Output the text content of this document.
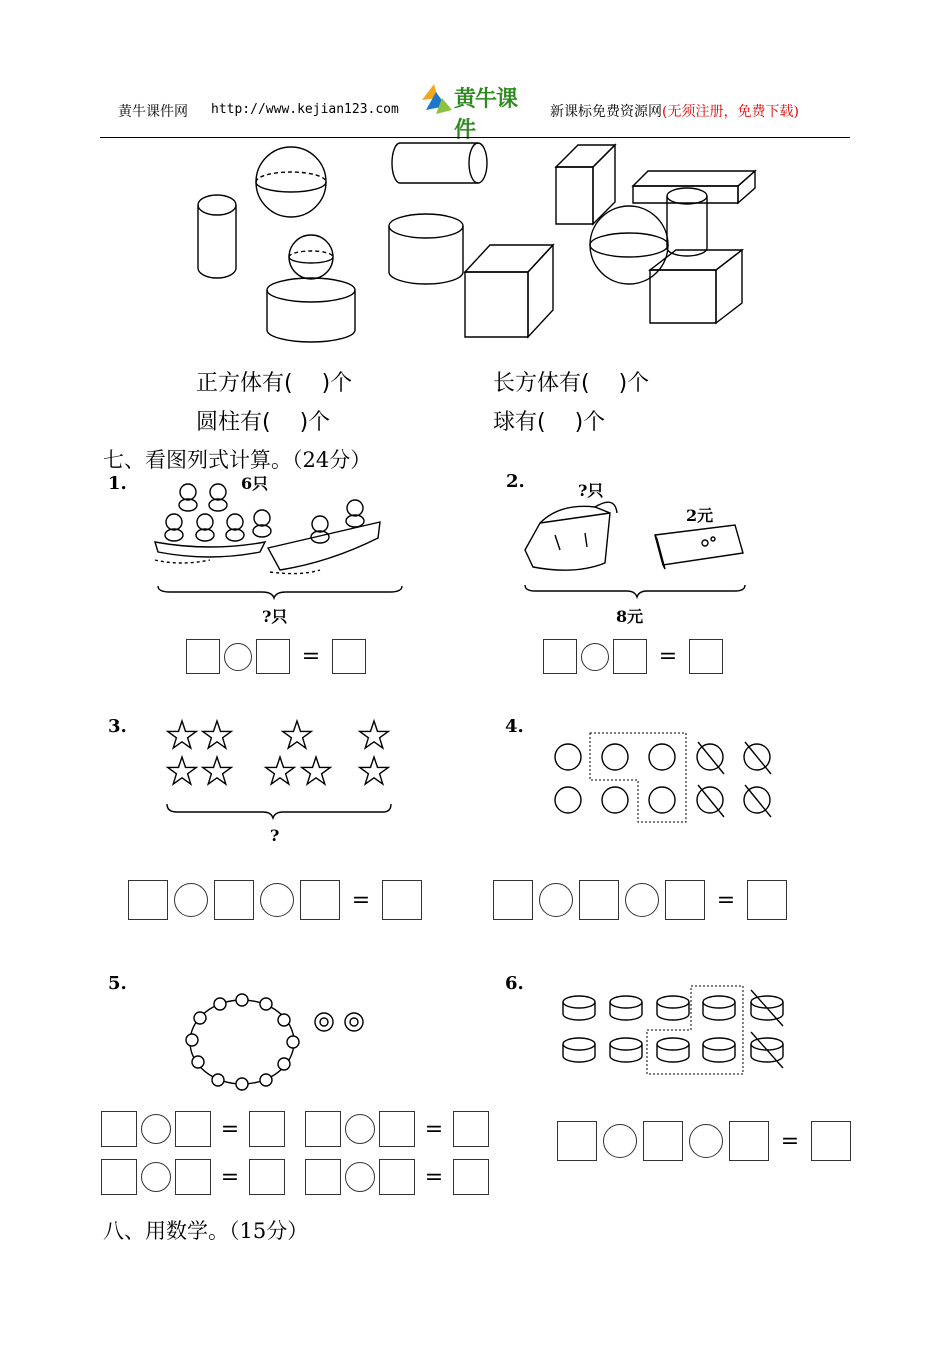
黄牛课件网 http://www.kejian123.com	黄牛课件
新课标免费资源网(无须注册，免费下载)
正方体有(　 )个	长方体有(　 )个
圆柱有(　 )个	球有(　 )个
七、看图列式计算。（24分）
1.	6只
?只
=
2.	?只
2元
8元
=
3.
?
=
4.
=
5.
=	=
=	=
6.
=
八、用数学。（15分）
